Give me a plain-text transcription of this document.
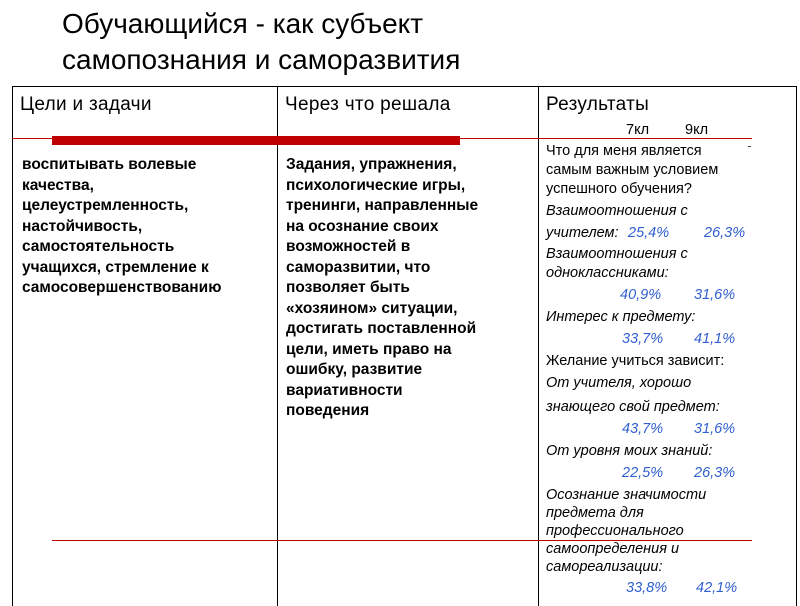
Обучающийся - как субъект
самопознания и саморазвития
Цели и задачи	Через что решала	Результаты
воспитывать волевые
качества,
целеустремленность,
настойчивость,
самостоятельность
учащихся, стремление к
самосовершенствованию
Задания, упражнения,
психологические игры,
тренинги, направленные
на осознание своих
возможностей в
саморазвитии, что
позволяет быть
«хозяином» ситуации,
достигать поставленной
цели, иметь право на
ошибку, развитие
вариативности
поведения
7кл 9кл
Что для меня является
самым важным условием
успешного обучения?
Взаимоотношения с
учителем: 25,4% 26,3%
Взаимоотношения с
одноклассниками:
40,9% 31,6%
Интерес к предмету:
33,7% 41,1%
Желание учиться зависит:
От учителя, хорошо
знающего свой предмет:
43,7% 31,6%
От уровня моих знаний:
22,5% 26,3%
Осознание значимости
предмета для
профессионального
самоопределения и
самореализации:
33,8% 42,1%
